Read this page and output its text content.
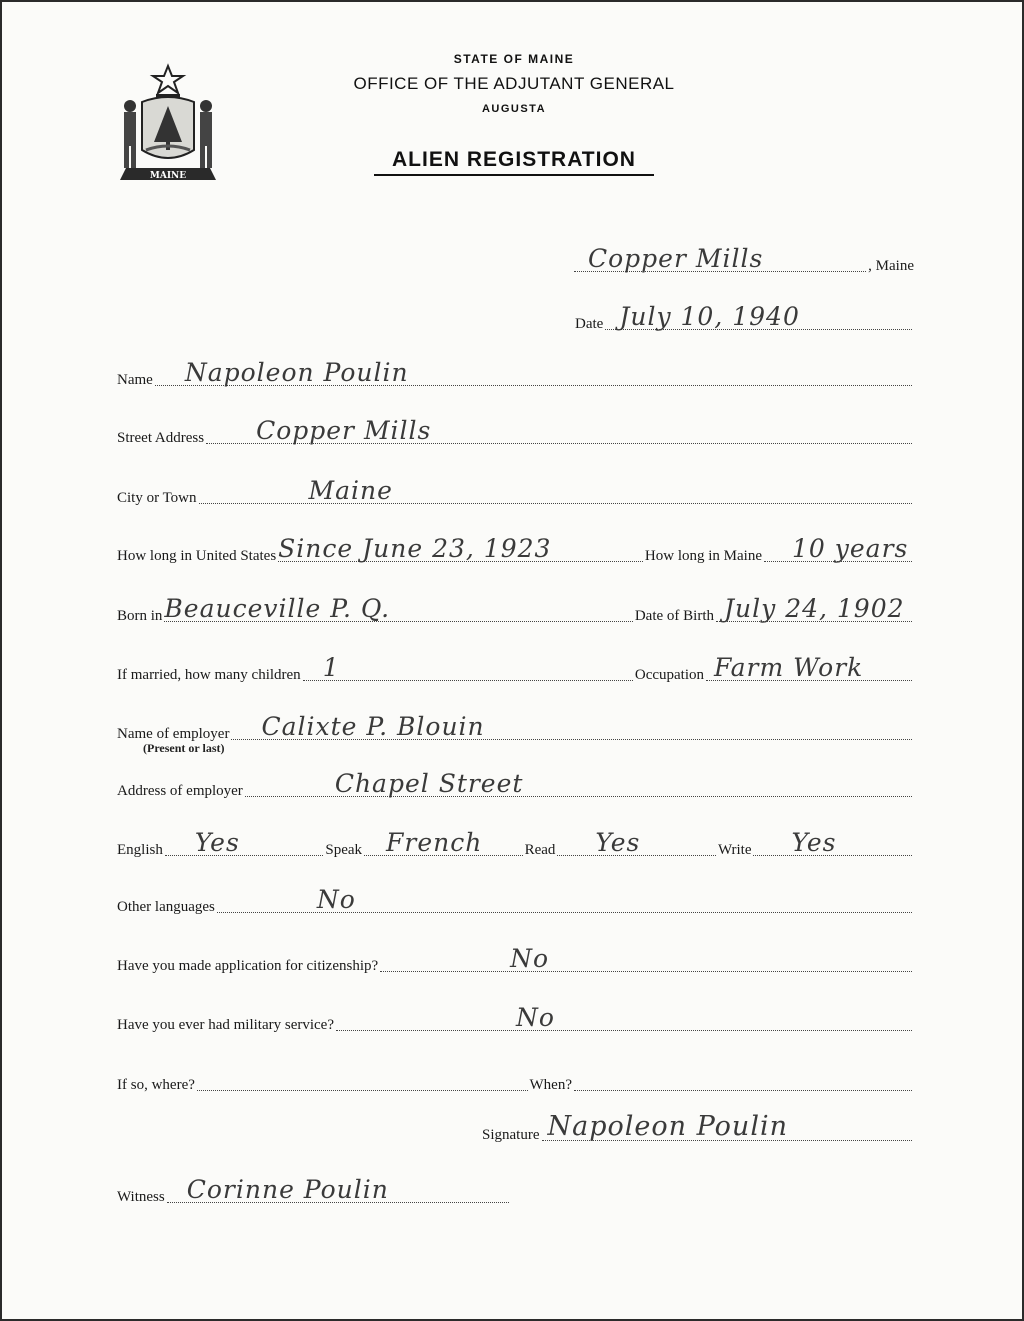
MAINE
STATE OF MAINE
OFFICE OF THE ADJUTANT GENERAL
AUGUSTA
ALIEN REGISTRATION
Copper Mills	, Maine
Date July 10, 1940
Name Napoleon Poulin
Street Address Copper Mills
City or Town	Maine
How long in United States Since June 23, 1923	How long in Maine 10 years
Born in Beauceville P. Q.	Date of Birth July 24, 1902
If married, how many children 1	Occupation Farm Work
Name of employer Calixte P. Blouin
(Present or last)
Address of employer	Chapel Street
English Yes	Speak French	Read Yes	Write Yes
Other languages	No
Have you made application for citizenship?	No
Have you ever had military service?	No
If so, where?	When?
Signature Napoleon Poulin
Witness Corinne Poulin
